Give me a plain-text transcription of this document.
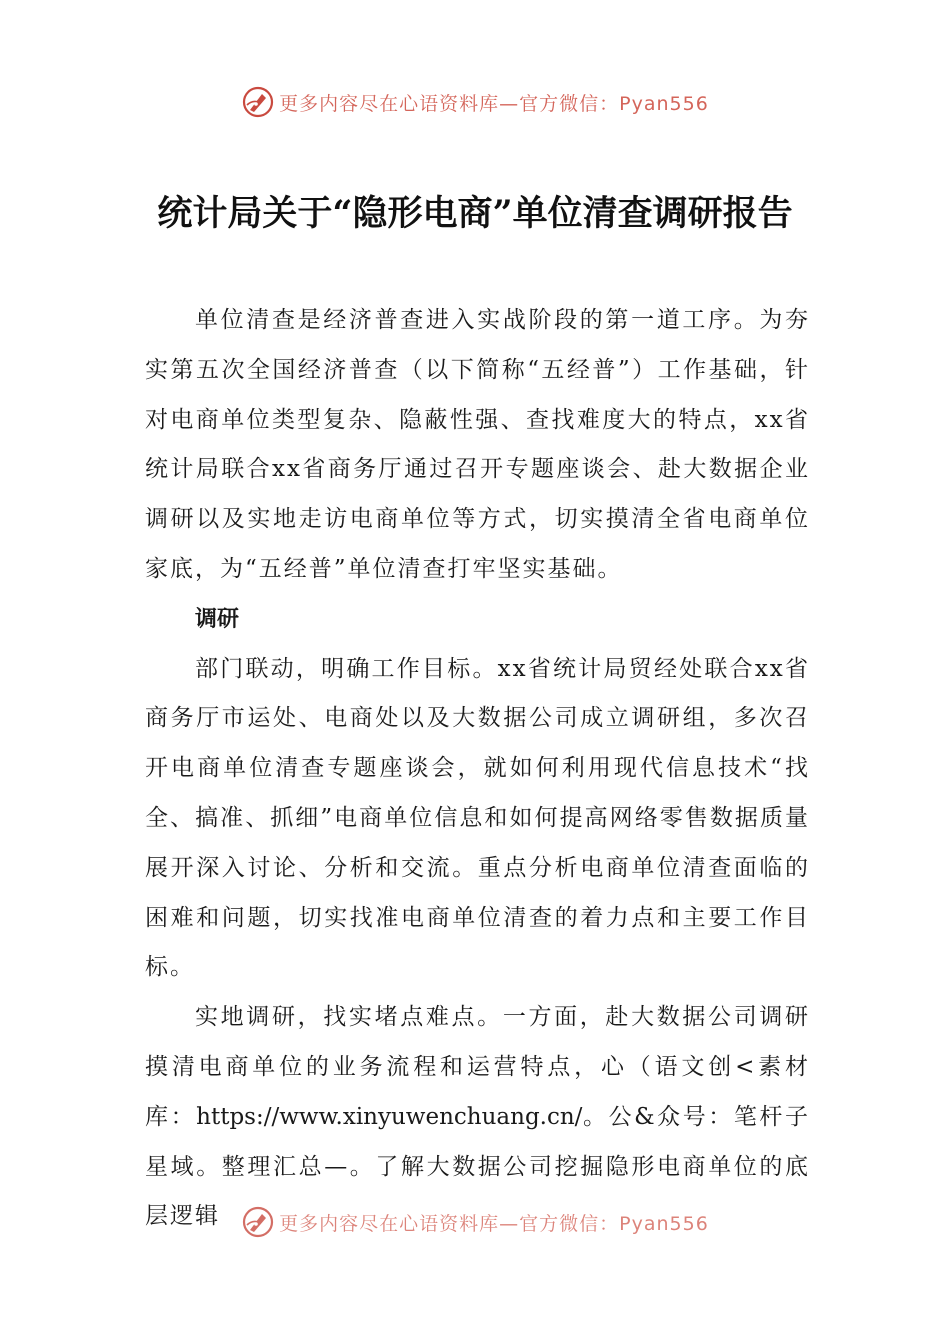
更多内容尽在心语资料库—官方微信：Pyan556
统计局关于“隐形电商”单位清查调研报告

单位清查是经济普查进入实战阶段的第一道工序。为夯实第五次全国经济普查（以下简称“五经普”）工作基础，针对电商单位类型复杂、隐蔽性强、查找难度大的特点，xx省统计局联合xx省商务厅通过召开专题座谈会、赴大数据企业调研以及实地走访电商单位等方式，切实摸清全省电商单位家底，为“五经普”单位清查打牢坚实基础。

调研

部门联动，明确工作目标。xx省统计局贸经处联合xx省商务厅市运处、电商处以及大数据公司成立调研组，多次召开电商单位清查专题座谈会，就如何利用现代信息技术“找全、搞准、抓细”电商单位信息和如何提高网络零售数据质量展开深入讨论、分析和交流。重点分析电商单位清查面临的困难和问题，切实找准电商单位清查的着力点和主要工作目标。

实地调研，找实堵点难点。一方面，赴大数据公司调研摸清电商单位的业务流程和运营特点，心（语文创<素材库：https://www.xinyuwenchuang.cn/。公&众号：笔杆子星域。整理汇总—。了解大数据公司挖掘隐形电商单位的底层逻辑	更多内容尽在心语资料库—官方微信：Pyan556
